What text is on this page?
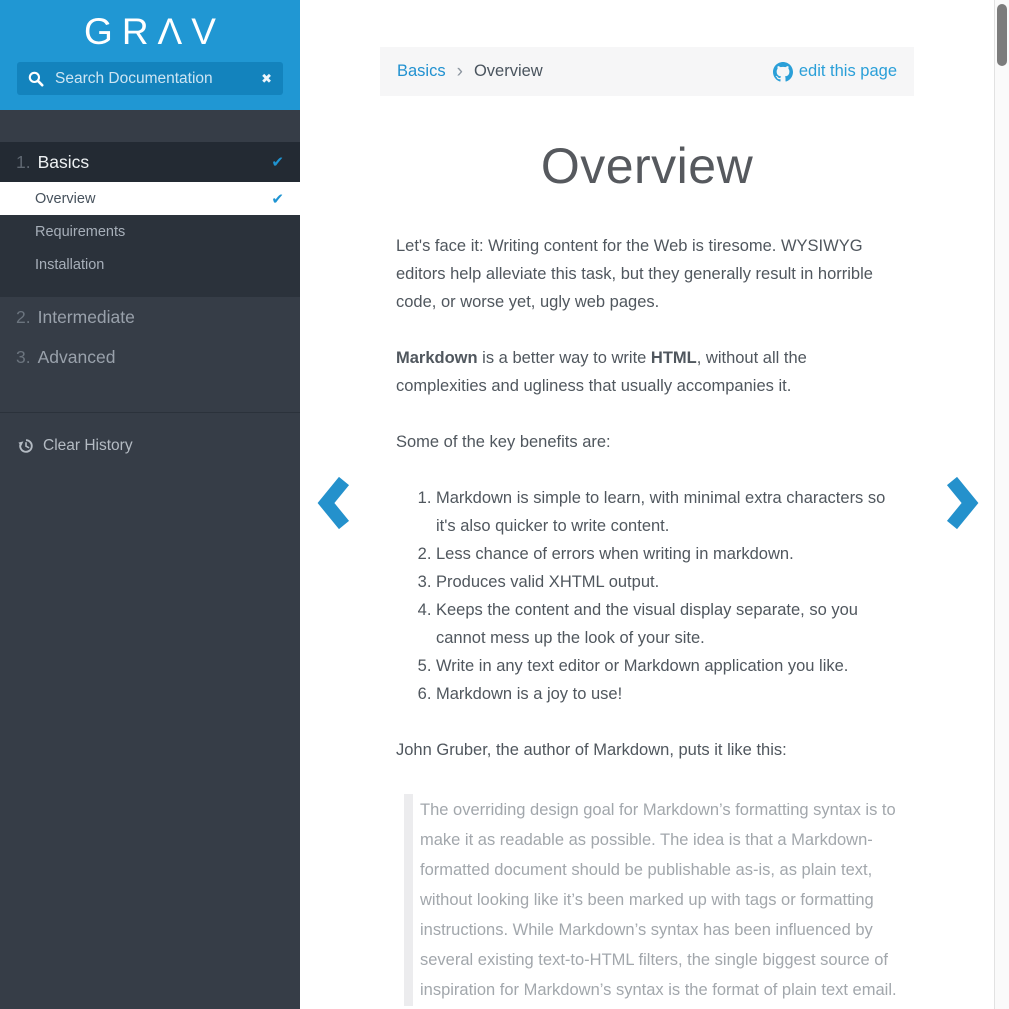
GRΛV
Search Documentation
✖
1. Basics	✔
Overview	✔
Requirements
Installation
2. Intermediate
3. Advanced
Clear History
Basics › Overview	edit this page
Overview

Let's face it: Writing content for the Web is tiresome. WYSIWYG editors help alleviate this task, but they generally result in horrible code, or worse yet, ugly web pages.

Markdown is a better way to write HTML, without all the complexities and ugliness that usually accompanies it.

Some of the key benefits are:

1. Markdown is simple to learn, with minimal extra characters so it's also quicker to write content.
2. Less chance of errors when writing in markdown.
3. Produces valid XHTML output.
4. Keeps the content and the visual display separate, so you cannot mess up the look of your site.
5. Write in any text editor or Markdown application you like.
6. Markdown is a joy to use!

John Gruber, the author of Markdown, puts it like this:

The overriding design goal for Markdown’s formatting syntax is to make it as readable as possible. The idea is that a Markdown-formatted document should be publishable as-is, as plain text, without looking like it’s been marked up with tags or formatting instructions. While Markdown’s syntax has been influenced by several existing text-to-HTML filters, the single biggest source of inspiration for Markdown’s syntax is the format of plain text email.
